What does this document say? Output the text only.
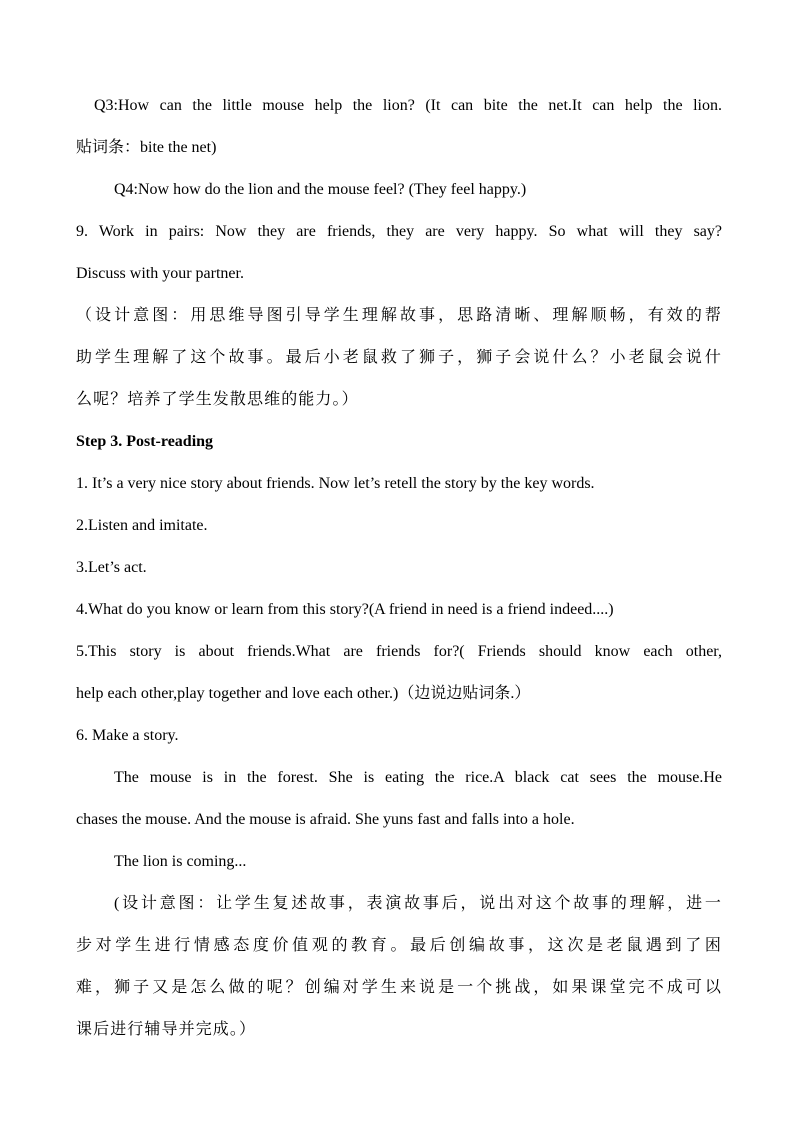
Q3:How can the little mouse help the lion? (It can bite the net.It can help the lion.

贴词条：bite the net)

Q4:Now how do the lion and the mouse feel? (They feel happy.)

9. Work in pairs: Now they are friends, they are very happy. So what will they say?

Discuss with your partner.

（设计意图：用思维导图引导学生理解故事，思路清晰、理解顺畅，有效的帮

助学生理解了这个故事。最后小老鼠救了狮子，狮子会说什么？小老鼠会说什

么呢？培养了学生发散思维的能力。）

Step 3. Post-reading

1. It’s a very nice story about friends. Now let’s retell the story by the key words.

2.Listen and imitate.

3.Let’s act.

4.What do you know or learn from this story?(A friend in need is a friend indeed....)

5.This story is about friends.What are friends for?( Friends should know each other,

help each other,play together and love each other.)（边说边贴词条.）

6. Make a story.

The mouse is in the forest. She is eating the rice.A black cat sees the mouse.He

chases the mouse. And the mouse is afraid. She yuns fast and falls into a hole.

The lion is coming...

(设计意图：让学生复述故事，表演故事后，说出对这个故事的理解，进一

步对学生进行情感态度价值观的教育。最后创编故事，这次是老鼠遇到了困

难，狮子又是怎么做的呢？创编对学生来说是一个挑战，如果课堂完不成可以

课后进行辅导并完成。）
